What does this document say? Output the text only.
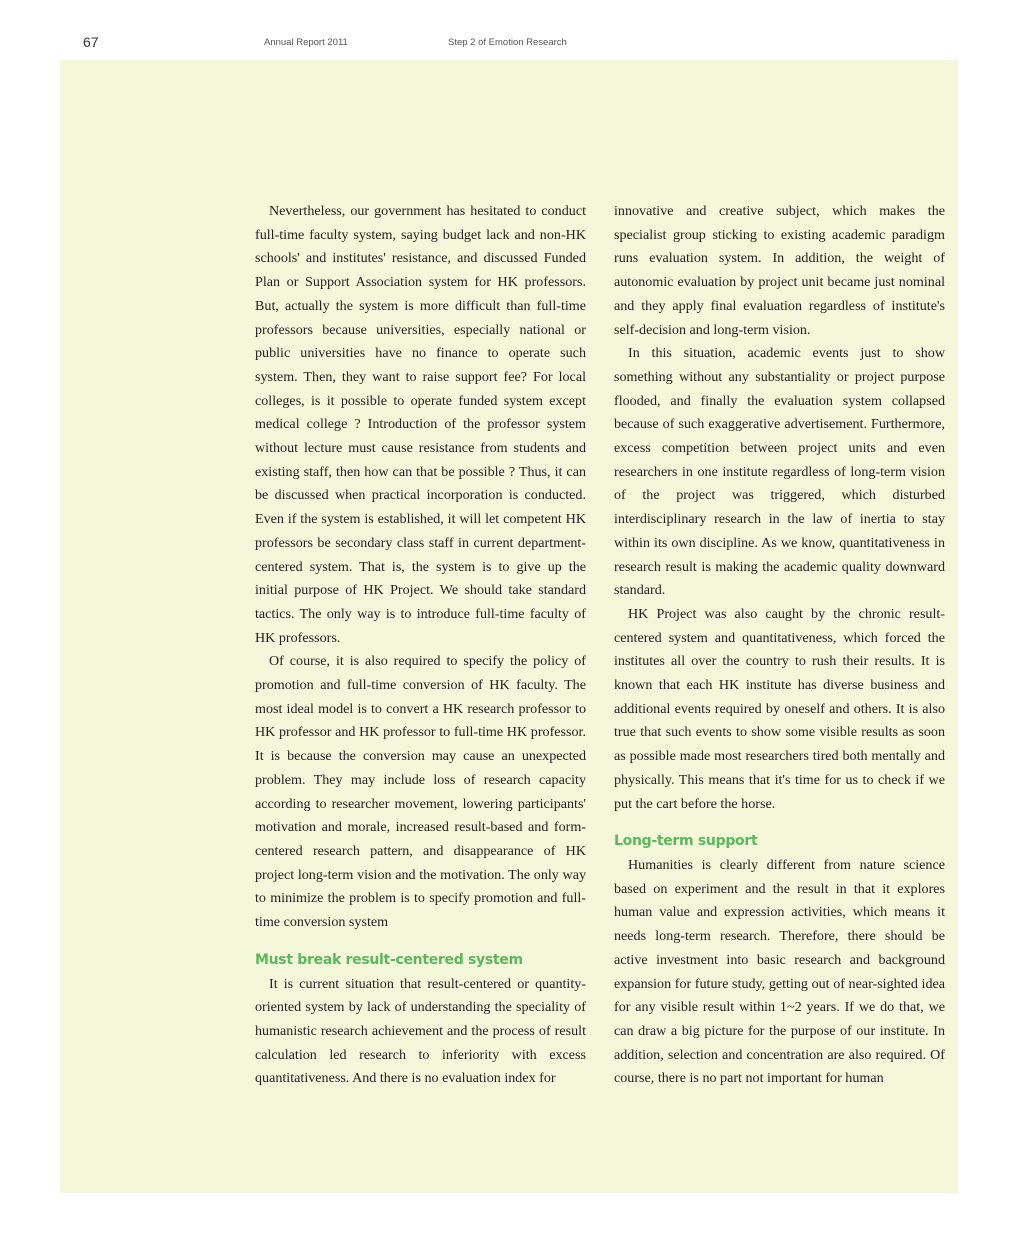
67	Annual Report 2011	Step 2 of Emotion Research

Nevertheless, our government has hesitated to conduct full-time faculty system, saying budget lack and non-HK schools' and institutes' resistance, and discussed Funded Plan or Support Association system for HK professors. But, actually the system is more difficult than full-time professors because universities, especially national or public universities have no finance to operate such system. Then, they want to raise support fee? For local colleges, is it possible to operate funded system except medical college ? Introduction of the professor system without lecture must cause resistance from students and existing staff, then how can that be possible ? Thus, it can be discussed when practical incorporation is conducted. Even if the system is established, it will let competent HK professors be secondary class staff in current department-centered system. That is, the system is to give up the initial purpose of HK Project. We should take standard tactics. The only way is to introduce full-time faculty of HK professors.

Of course, it is also required to specify the policy of promotion and full-time conversion of HK faculty. The most ideal model is to convert a HK research professor to HK professor and HK professor to full-time HK professor. It is because the conversion may cause an unexpected problem. They may include loss of research capacity according to researcher movement, lowering participants' motivation and morale, increased result-based and form-centered research pattern, and disappearance of HK project long-term vision and the motivation. The only way to minimize the problem is to specify promotion and full-time conversion system

Must break result-centered system

It is current situation that result-centered or quantity-oriented system by lack of understanding the speciality of humanistic research achievement and the process of result calculation led research to inferiority with excess quantitativeness. And there is no evaluation index for

innovative and creative subject, which makes the specialist group sticking to existing academic paradigm runs evaluation system. In addition, the weight of autonomic evaluation by project unit became just nominal and they apply final evaluation regardless of institute's self-decision and long-term vision.

In this situation, academic events just to show something without any substantiality or project purpose flooded, and finally the evaluation system collapsed because of such exaggerative advertisement. Furthermore, excess competition between project units and even researchers in one institute regardless of long-term vision of the project was triggered, which disturbed interdisciplinary research in the law of inertia to stay within its own discipline. As we know, quantitativeness in research result is making the academic quality downward standard.

HK Project was also caught by the chronic result-centered system and quantitativeness, which forced the institutes all over the country to rush their results. It is known that each HK institute has diverse business and additional events required by oneself and others. It is also true that such events to show some visible results as soon as possible made most researchers tired both mentally and physically. This means that it's time for us to check if we put the cart before the horse.

Long-term support

Humanities is clearly different from nature science based on experiment and the result in that it explores human value and expression activities, which means it needs long-term research. Therefore, there should be active investment into basic research and background expansion for future study, getting out of near-sighted idea for any visible result within 1~2 years. If we do that, we can draw a big picture for the purpose of our institute. In addition, selection and concentration are also required. Of course, there is no part not important for human
